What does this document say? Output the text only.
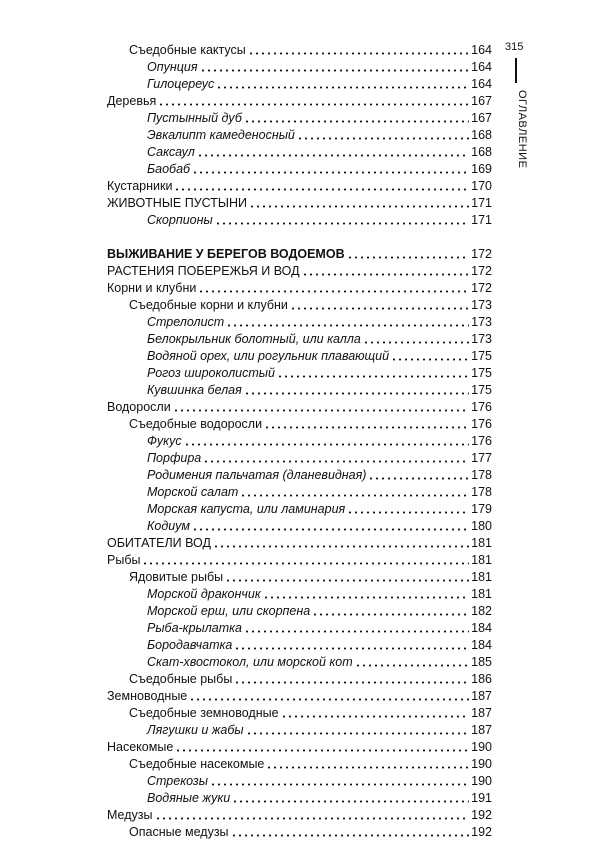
315
ОГЛАВЛЕНИЕ
Съедобные кактусы	164
Опунция	164
Гилоцереус	164
Деревья	167
Пустынный дуб	167
Эвкалипт камеденосный	168
Саксаул	168
Баобаб	169
Кустарники	170
ЖИВОТНЫЕ ПУСТЫНИ	171
Скорпионы	171
ВЫЖИВАНИЕ У БЕРЕГОВ ВОДОЕМОВ	172
РАСТЕНИЯ ПОБЕРЕЖЬЯ И ВОД	172
Корни и клубни	172
Съедобные корни и клубни	173
Стрелолист	173
Белокрыльник болотный, или калла	173
Водяной орех, или рогульник плавающий	175
Рогоз широколистый	175
Кувшинка белая	175
Водоросли	176
Съедобные водоросли	176
Фукус	176
Порфира	177
Родимения пальчатая (дланевидная)	178
Морской салат	178
Морская капуста, или ламинария	179
Кодиум	180
ОБИТАТЕЛИ ВОД	181
Рыбы	181
Ядовитые рыбы	181
Морской дракончик	181
Морской ерш, или скорпена	182
Рыба-крылатка	184
Бородавчатка	184
Скат-хвостокол, или морской кот	185
Съедобные рыбы	186
Земноводные	187
Съедобные земноводные	187
Лягушки и жабы	187
Насекомые	190
Съедобные насекомые	190
Стрекозы	190
Водяные жуки	191
Медузы	192
Опасные медузы	192
